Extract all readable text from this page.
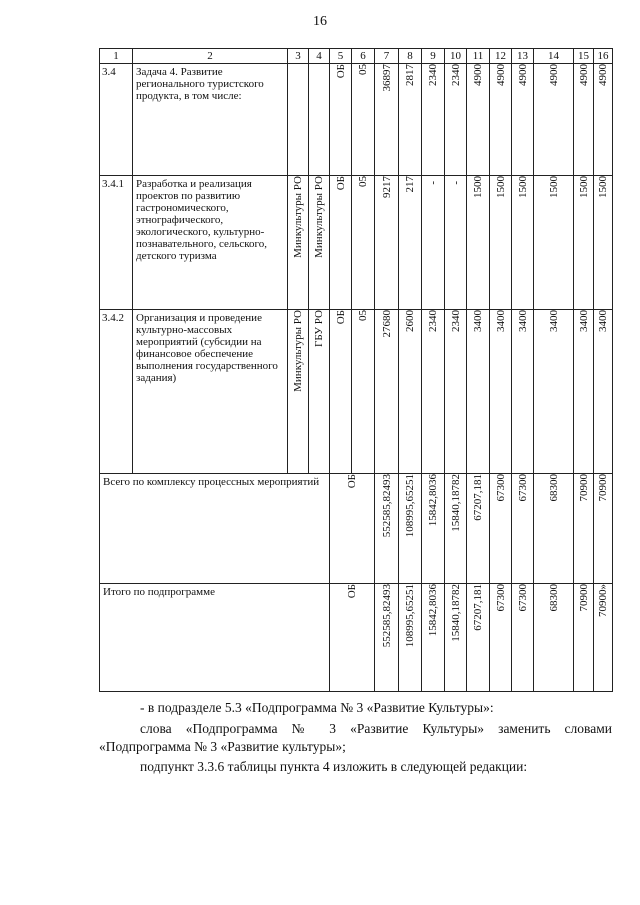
16
1	2	3	4	5	6	7	8	9	10	11	12	13	14	15	16
3.4	Задача 4. Развитие регионального туристского продукта, в том числе:			ОБ	05	36897	2817	2340	2340	4900	4900	4900	4900	4900	4900
3.4.1	Разработка и реализация проектов по развитию гастрономического, этнографического, экологического, культурно-познавательного, сельского, детского туризма	Минкультуры РО	Минкультуры РО	ОБ	05	9217	217	-	-	1500	1500	1500	1500	1500	1500
3.4.2	Организация и проведение культурно-массовых мероприятий (субсидии на финансовое обеспечение выполнения государственного задания)	Минкультуры РО	ГБУ РО	ОБ	05	27680	2600	2340	2340	3400	3400	3400	3400	3400	3400
Всего по комплексу процессных мероприятий				ОБ		552585,82493	108995,65251	15842,8036	15840,18782	67207,181	67300	67300	68300	70900	70900
Итого по подпрограмме				ОБ		552585,82493	108995,65251	15842,8036	15840,18782	67207,181	67300	67300	68300	70900	70900»
- в подразделе 5.3 «Подпрограмма № 3 «Развитие Культуры»:
слова «Подпрограмма № 3 «Развитие Культуры» заменить словами
«Подпрограмма № 3 «Развитие культуры»;
подпункт 3.3.6 таблицы пункта 4 изложить в следующей редакции:
